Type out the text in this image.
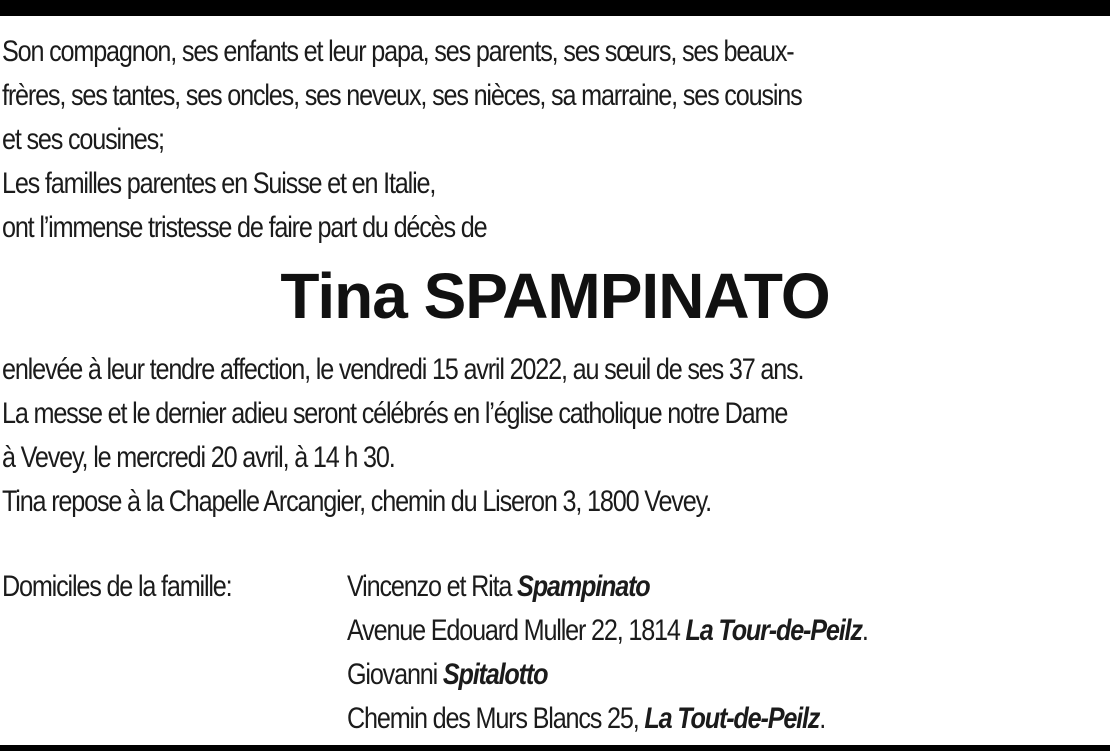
Son compagnon, ses enfants et leur papa, ses parents, ses sœurs, ses beaux-
frères, ses tantes, ses oncles, ses neveux, ses nièces, sa marraine, ses cousins
et ses cousines;
Les familles parentes en Suisse et en Italie,
ont l’immense tristesse de faire part du décès de
Tina SPAMPINATO
enlevée à leur tendre affection, le vendredi 15 avril 2022, au seuil de ses 37 ans.
La messe et le dernier adieu seront célébrés en l’église catholique notre Dame
à Vevey, le mercredi 20 avril, à 14 h 30.
Tina repose à la Chapelle Arcangier, chemin du Liseron 3, 1800 Vevey.
Domiciles de la famille:	Vincenzo et Rita Spampinato
Avenue Edouard Muller 22, 1814 La Tour-de-Peilz.
Giovanni Spitalotto
Chemin des Murs Blancs 25, La Tout-de-Peilz.
